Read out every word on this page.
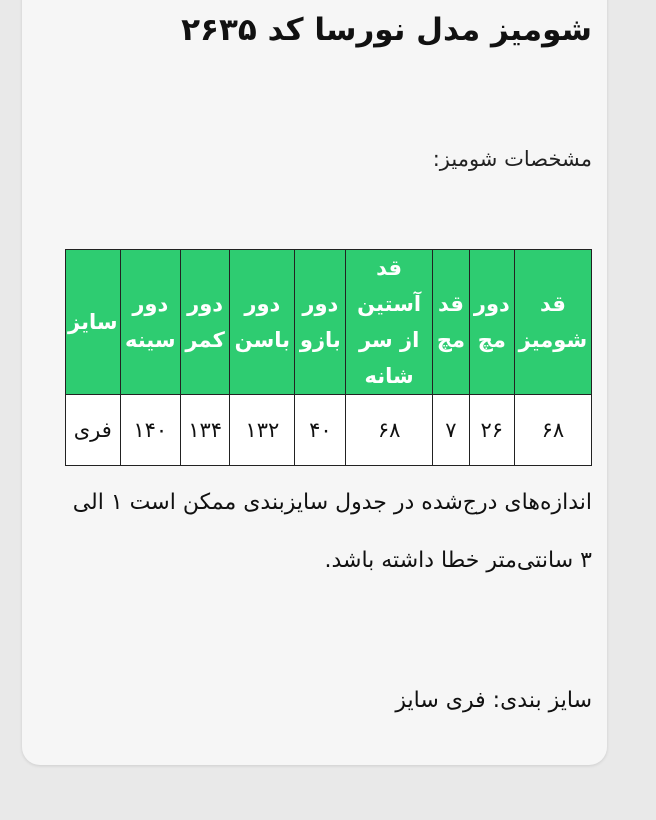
شومیز مدل نورسا کد ۲۶۳۵
مشخصات شومیز:
قد شومیز	دور مچ	قد مچ	قد آستین از سر شانه	دور بازو	دور باسن	دور کمر	دور سینه	سایز
۶۸	۲۶	۷	۶۸	۴۰	۱۳۲	۱۳۴	۱۴۰	فری
اندازه‌های درج‌شده در جدول سایزبندی ممکن است ۱ الی ۳ سانتی‌متر خطا داشته باشد.
سایز بندی: فری سایز
